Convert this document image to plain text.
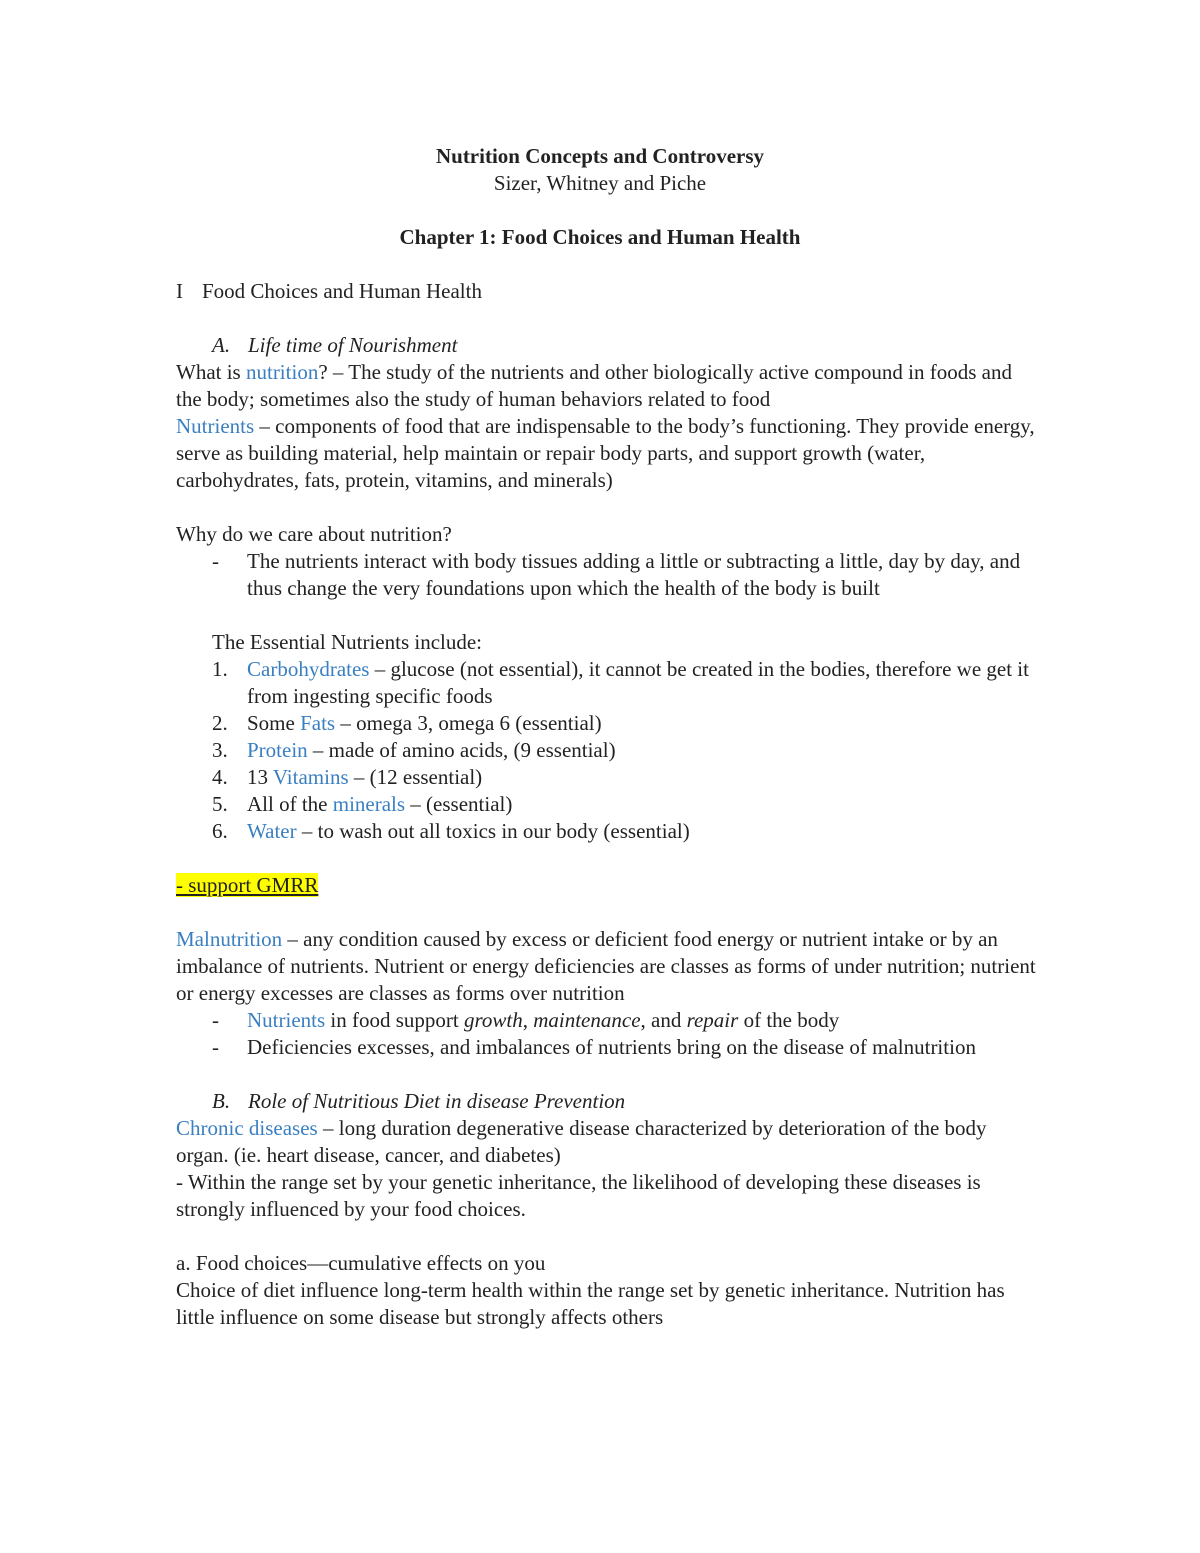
Nutrition Concepts and Controversy
Sizer, Whitney and Piche
Chapter 1: Food Choices and Human Health
I Food Choices and Human Health
A. Life time of Nourishment

What is nutrition? – The study of the nutrients and other biologically active compound in foods and the body; sometimes also the study of human behaviors related to food

Nutrients – components of food that are indispensable to the body’s functioning. They provide energy, serve as building material, help maintain or repair body parts, and support growth (water, carbohydrates, fats, protein, vitamins, and minerals)

Why do we care about nutrition?

-	The nutrients interact with body tissues adding a little or subtracting a little, day by day, and thus change the very foundations upon which the health of the body is built

The Essential Nutrients include:

1. Carbohydrates – glucose (not essential), it cannot be created in the bodies, therefore we get it from ingesting specific foods
2. Some Fats – omega 3, omega 6 (essential)
3. Protein – made of amino acids, (9 essential)
4. 13 Vitamins – (12 essential)
5. All of the minerals – (essential)
6. Water – to wash out all toxics in our body (essential)

- support GMRR

Malnutrition – any condition caused by excess or deficient food energy or nutrient intake or by an imbalance of nutrients. Nutrient or energy deficiencies are classes as forms of under nutrition; nutrient or energy excesses are classes as forms over nutrition

-	Nutrients in food support growth, maintenance, and repair of the body
-	Deficiencies excesses, and imbalances of nutrients bring on the disease of malnutrition
B. Role of Nutritious Diet in disease Prevention

Chronic diseases – long duration degenerative disease characterized by deterioration of the body organ. (ie. heart disease, cancer, and diabetes)

- Within the range set by your genetic inheritance, the likelihood of developing these diseases is strongly influenced by your food choices.

a. Food choices—cumulative effects on you

Choice of diet influence long-term health within the range set by genetic inheritance. Nutrition has little influence on some disease but strongly affects others
